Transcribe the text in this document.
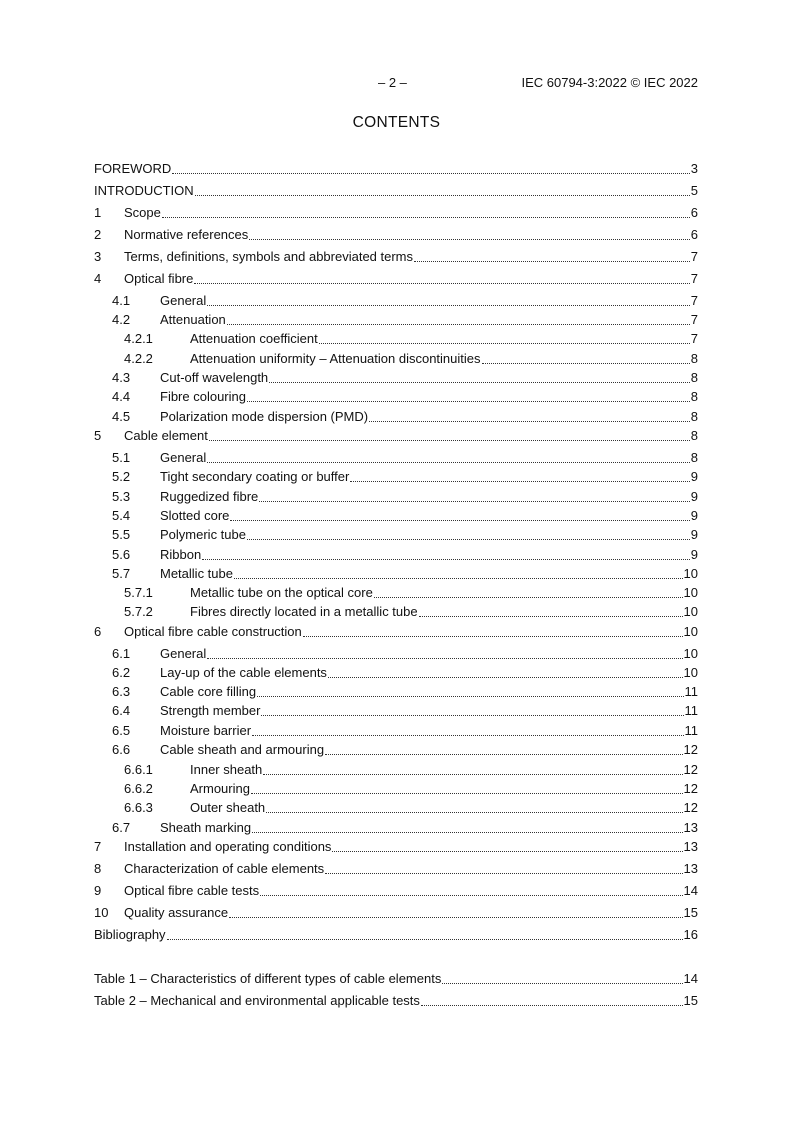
– 2 –	IEC 60794-3:2022 © IEC 2022
CONTENTS
FOREWORD	3
INTRODUCTION	5
1	Scope	6
2	Normative references	6
3	Terms, definitions, symbols and abbreviated terms	7
4	Optical fibre	7
4.1	General	7
4.2	Attenuation	7
4.2.1	Attenuation coefficient	7
4.2.2	Attenuation uniformity – Attenuation discontinuities	8
4.3	Cut-off wavelength	8
4.4	Fibre colouring	8
4.5	Polarization mode dispersion (PMD)	8
5	Cable element	8
5.1	General	8
5.2	Tight secondary coating or buffer	9
5.3	Ruggedized fibre	9
5.4	Slotted core	9
5.5	Polymeric tube	9
5.6	Ribbon	9
5.7	Metallic tube	10
5.7.1	Metallic tube on the optical core	10
5.7.2	Fibres directly located in a metallic tube	10
6	Optical fibre cable construction	10
6.1	General	10
6.2	Lay-up of the cable elements	10
6.3	Cable core filling	11
6.4	Strength member	11
6.5	Moisture barrier	11
6.6	Cable sheath and armouring	12
6.6.1	Inner sheath	12
6.6.2	Armouring	12
6.6.3	Outer sheath	12
6.7	Sheath marking	13
7	Installation and operating conditions	13
8	Characterization of cable elements	13
9	Optical fibre cable tests	14
10	Quality assurance	15
Bibliography	16
Table 1 – Characteristics of different types of cable elements	14
Table 2 – Mechanical and environmental applicable tests	15
